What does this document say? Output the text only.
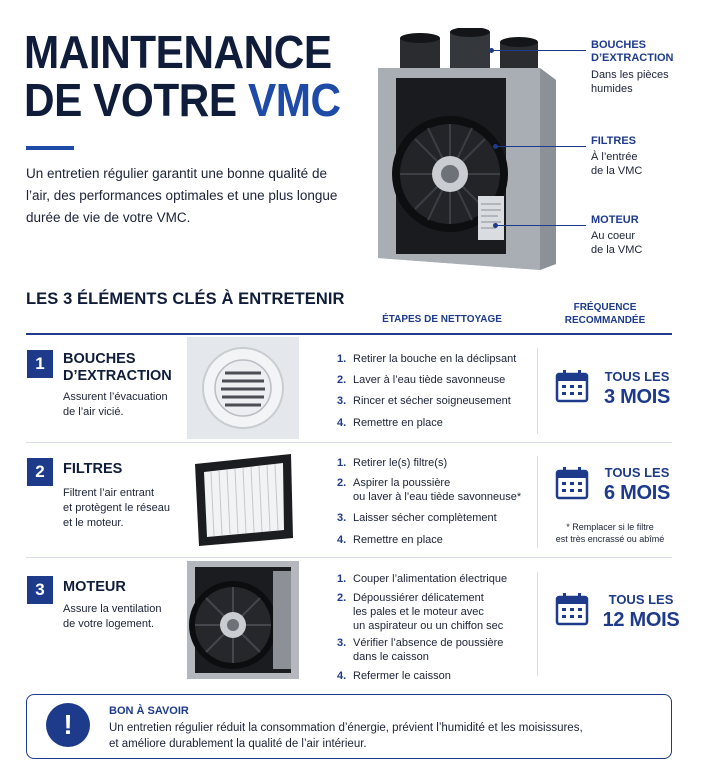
MAINTENANCE
DE VOTRE VMC
Un entretien régulier garantit une bonne qualité de l’air, des performances optimales et une plus longue durée de vie de votre VMC.
BOUCHES
D’EXTRACTION
Dans les pièces
humides
FILTRES
À l’entrée
de la VMC
MOTEUR
Au coeur
de la VMC
LES 3 ÉLÉMENTS CLÉS À ENTRETENIR
ÉTAPES DE NETTOYAGE
FRÉQUENCE
RECOMMANDÉE
1	BOUCHES
D’EXTRACTION
Assurent l’évacuation
de l’air vicié.
1. Retirer la bouche en la déclipsant
2. Laver à l’eau tiède savonneuse
3. Rincer et sécher soigneusement
4. Remettre en place
TOUS LES
3 MOIS
2	FILTRES
Filtrent l’air entrant
et protègent le réseau
et le moteur.
1. Retirer le(s) filtre(s)
2. Aspirer la poussière
ou laver à l’eau tiède savonneuse*
3. Laisser sécher complètement
4. Remettre en place
TOUS LES
6 MOIS
* Remplacer si le filtre
est très encrassé ou abîmé
3	MOTEUR
Assure la ventilation
de votre logement.
1. Couper l’alimentation électrique
2. Dépoussiérer délicatement
les pales et le moteur avec
un aspirateur ou un chiffon sec
3. Vérifier l’absence de poussière
dans le caisson
4. Refermer le caisson
TOUS LES
12 MOIS
!	BON À SAVOIR
Un entretien régulier réduit la consommation d’énergie, prévient l’humidité et les moisissures,
et améliore durablement la qualité de l’air intérieur.
